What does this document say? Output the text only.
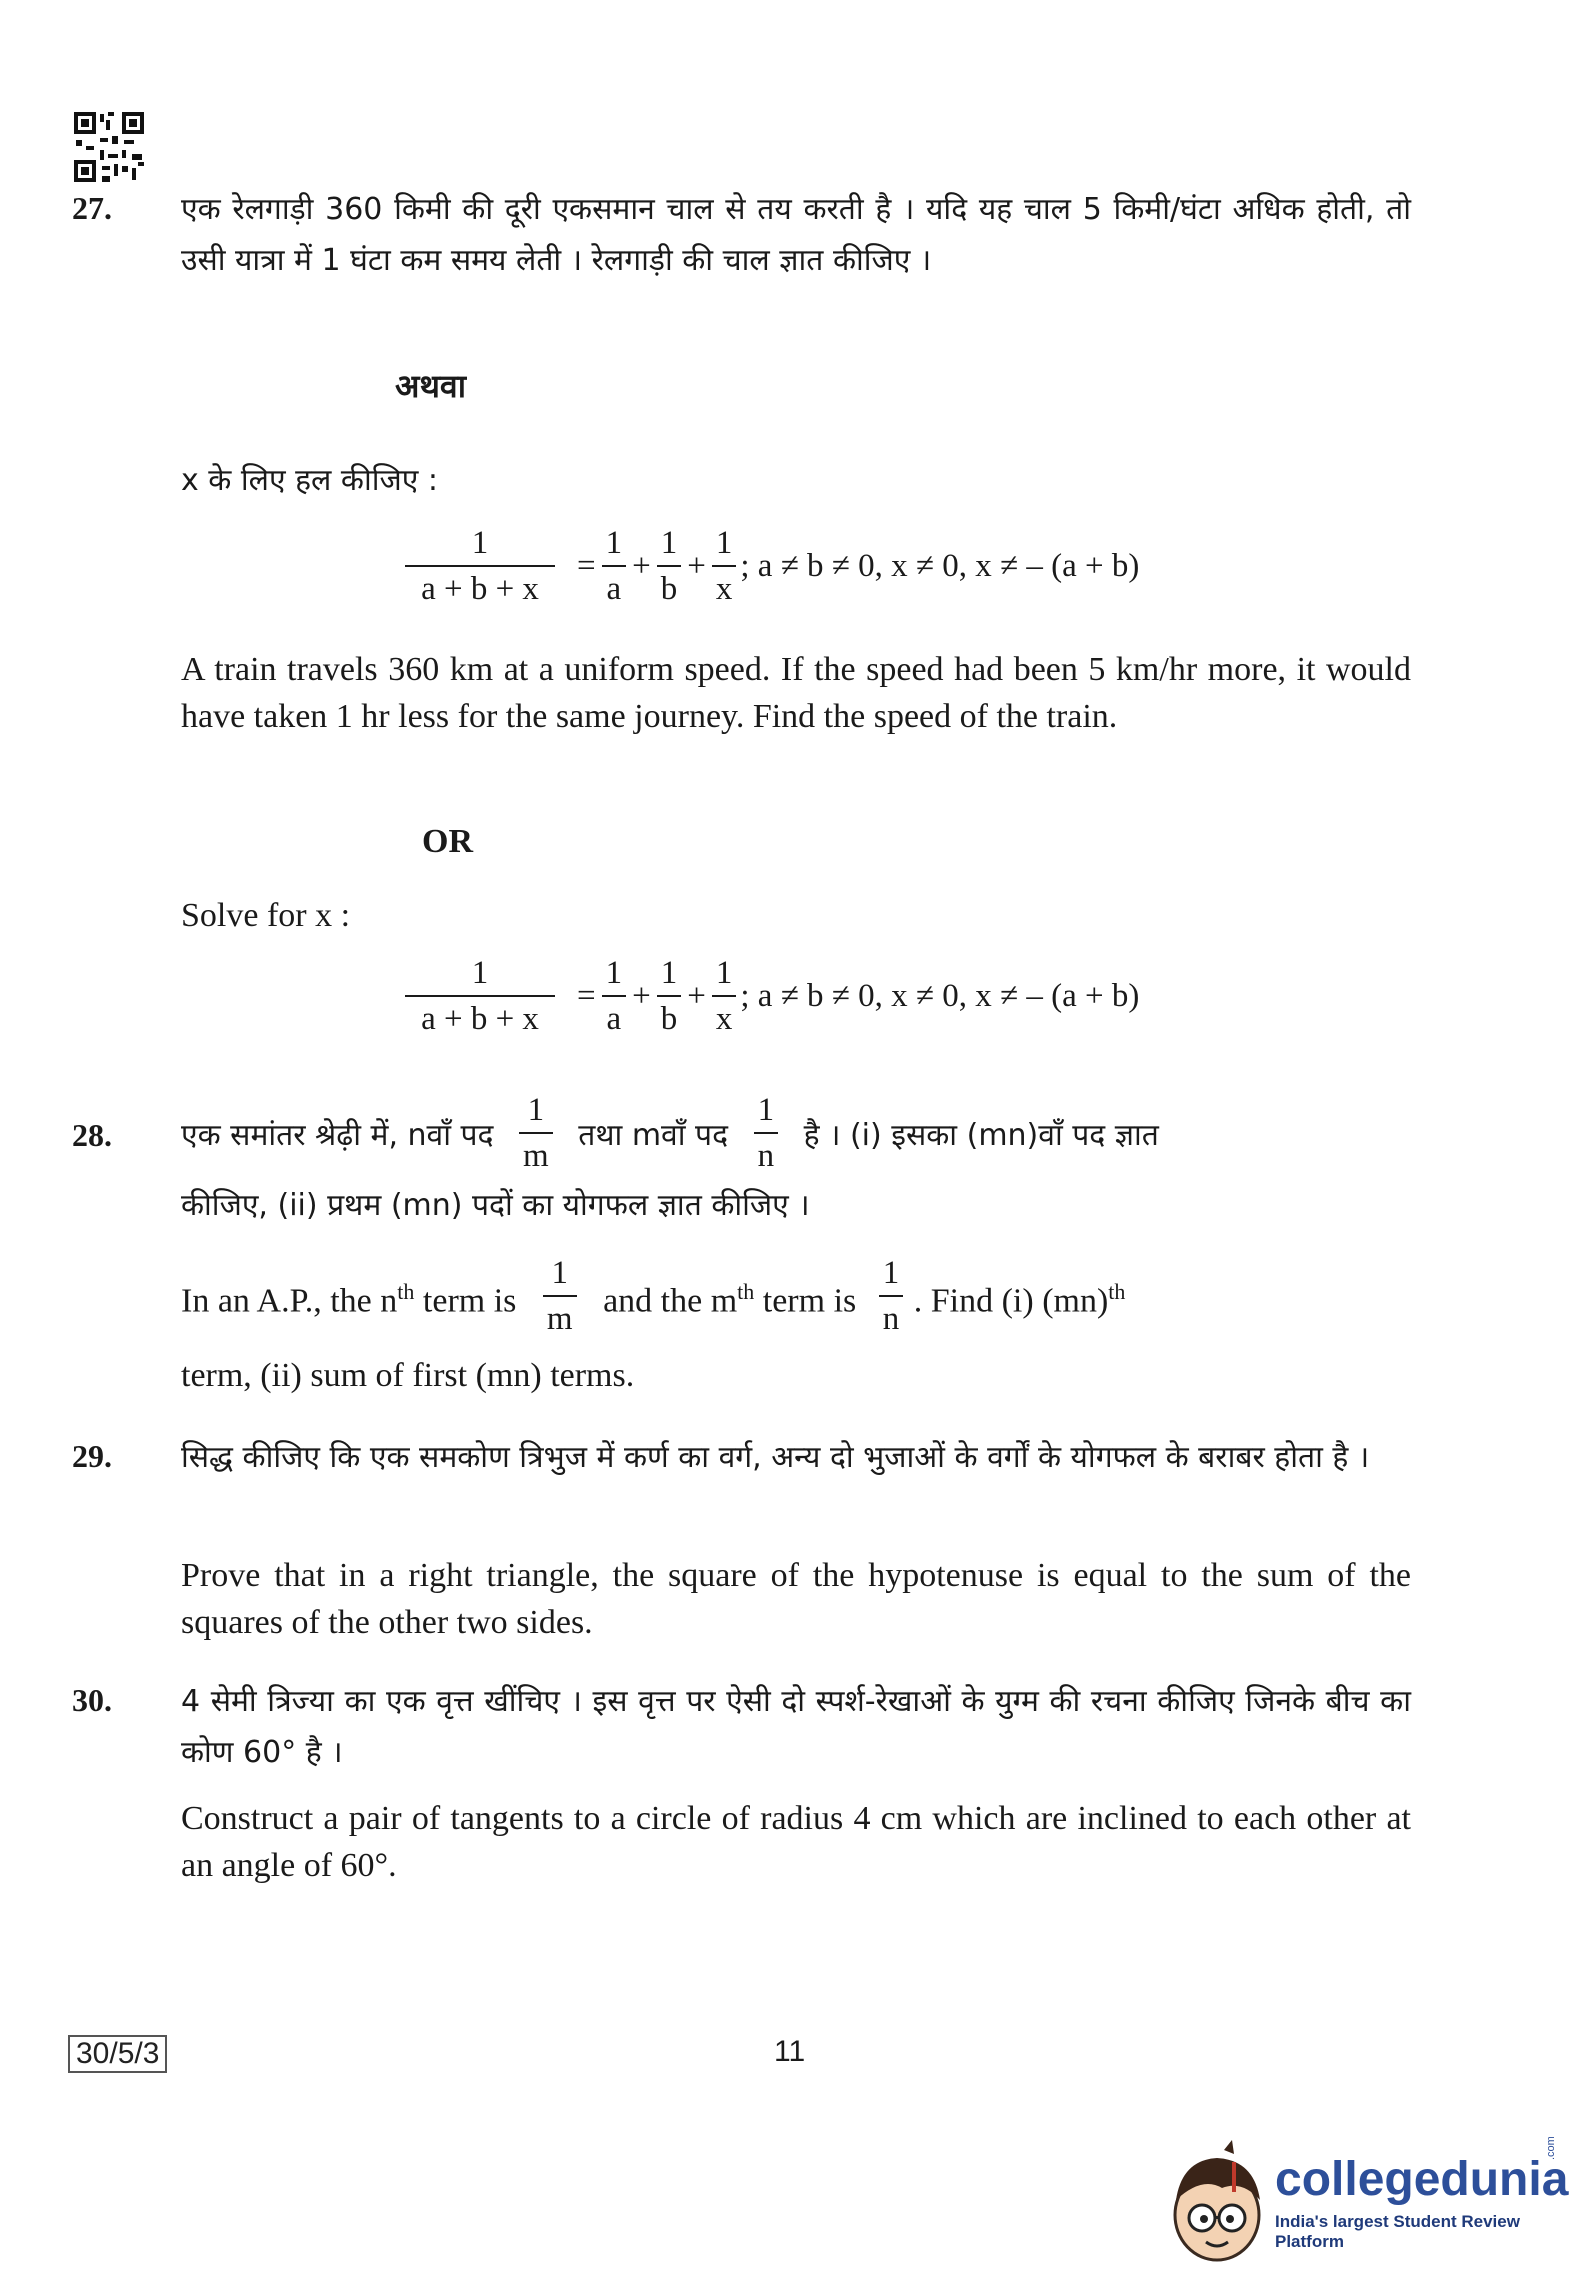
27. एक रेलगाड़ी 360 किमी की दूरी एकसमान चाल से तय करती है । यदि यह चाल 5 किमी/घंटा अधिक होती, तो उसी यात्रा में 1 घंटा कम समय लेती । रेलगाड़ी की चाल ज्ञात कीजिए ।
अथवा
x के लिए हल कीजिए :
$\frac{1}{a + b + x} = \frac{1}{a} + \frac{1}{b} + \frac{1}{x}$ ; a ≠ b ≠ 0, x ≠ 0, x ≠ – (a + b)
A train travels 360 km at a uniform speed. If the speed had been 5 km/hr more, it would have taken 1 hr less for the same journey. Find the speed of the train.
OR
Solve for x :
$\frac{1}{a + b + x} = \frac{1}{a} + \frac{1}{b} + \frac{1}{x}$ ; a ≠ b ≠ 0, x ≠ 0, x ≠ – (a + b)
28. एक समांतर श्रेढ़ी में, nवाँ पद $\frac{1}{m}$ तथा mवाँ पद $\frac{1}{n}$ है । (i) इसका (mn)वाँ पद ज्ञात
कीजिए, (ii) प्रथम (mn) पदों का योगफल ज्ञात कीजिए ।
In an A.P., the $n^{th}$ term is $\frac{1}{m}$ and the $m^{th}$ term is $\frac{1}{n}$ . Find (i) (mn)$^{th}$
term, (ii) sum of first (mn) terms.
29. सिद्ध कीजिए कि एक समकोण त्रिभुज में कर्ण का वर्ग, अन्य दो भुजाओं के वर्गों के योगफल के बराबर होता है ।
Prove that in a right triangle, the square of the hypotenuse is equal to the sum of the squares of the other two sides.
30. 4 सेमी त्रिज्या का एक वृत्त खींचिए । इस वृत्त पर ऐसी दो स्पर्श-रेखाओं के युग्म की रचना कीजिए जिनके बीच का कोण 60° है ।
Construct a pair of tangents to a circle of radius 4 cm which are inclined to each other at an angle of 60°.
30/5/3	11
collegedunia
India's largest Student Review Platform
.com
